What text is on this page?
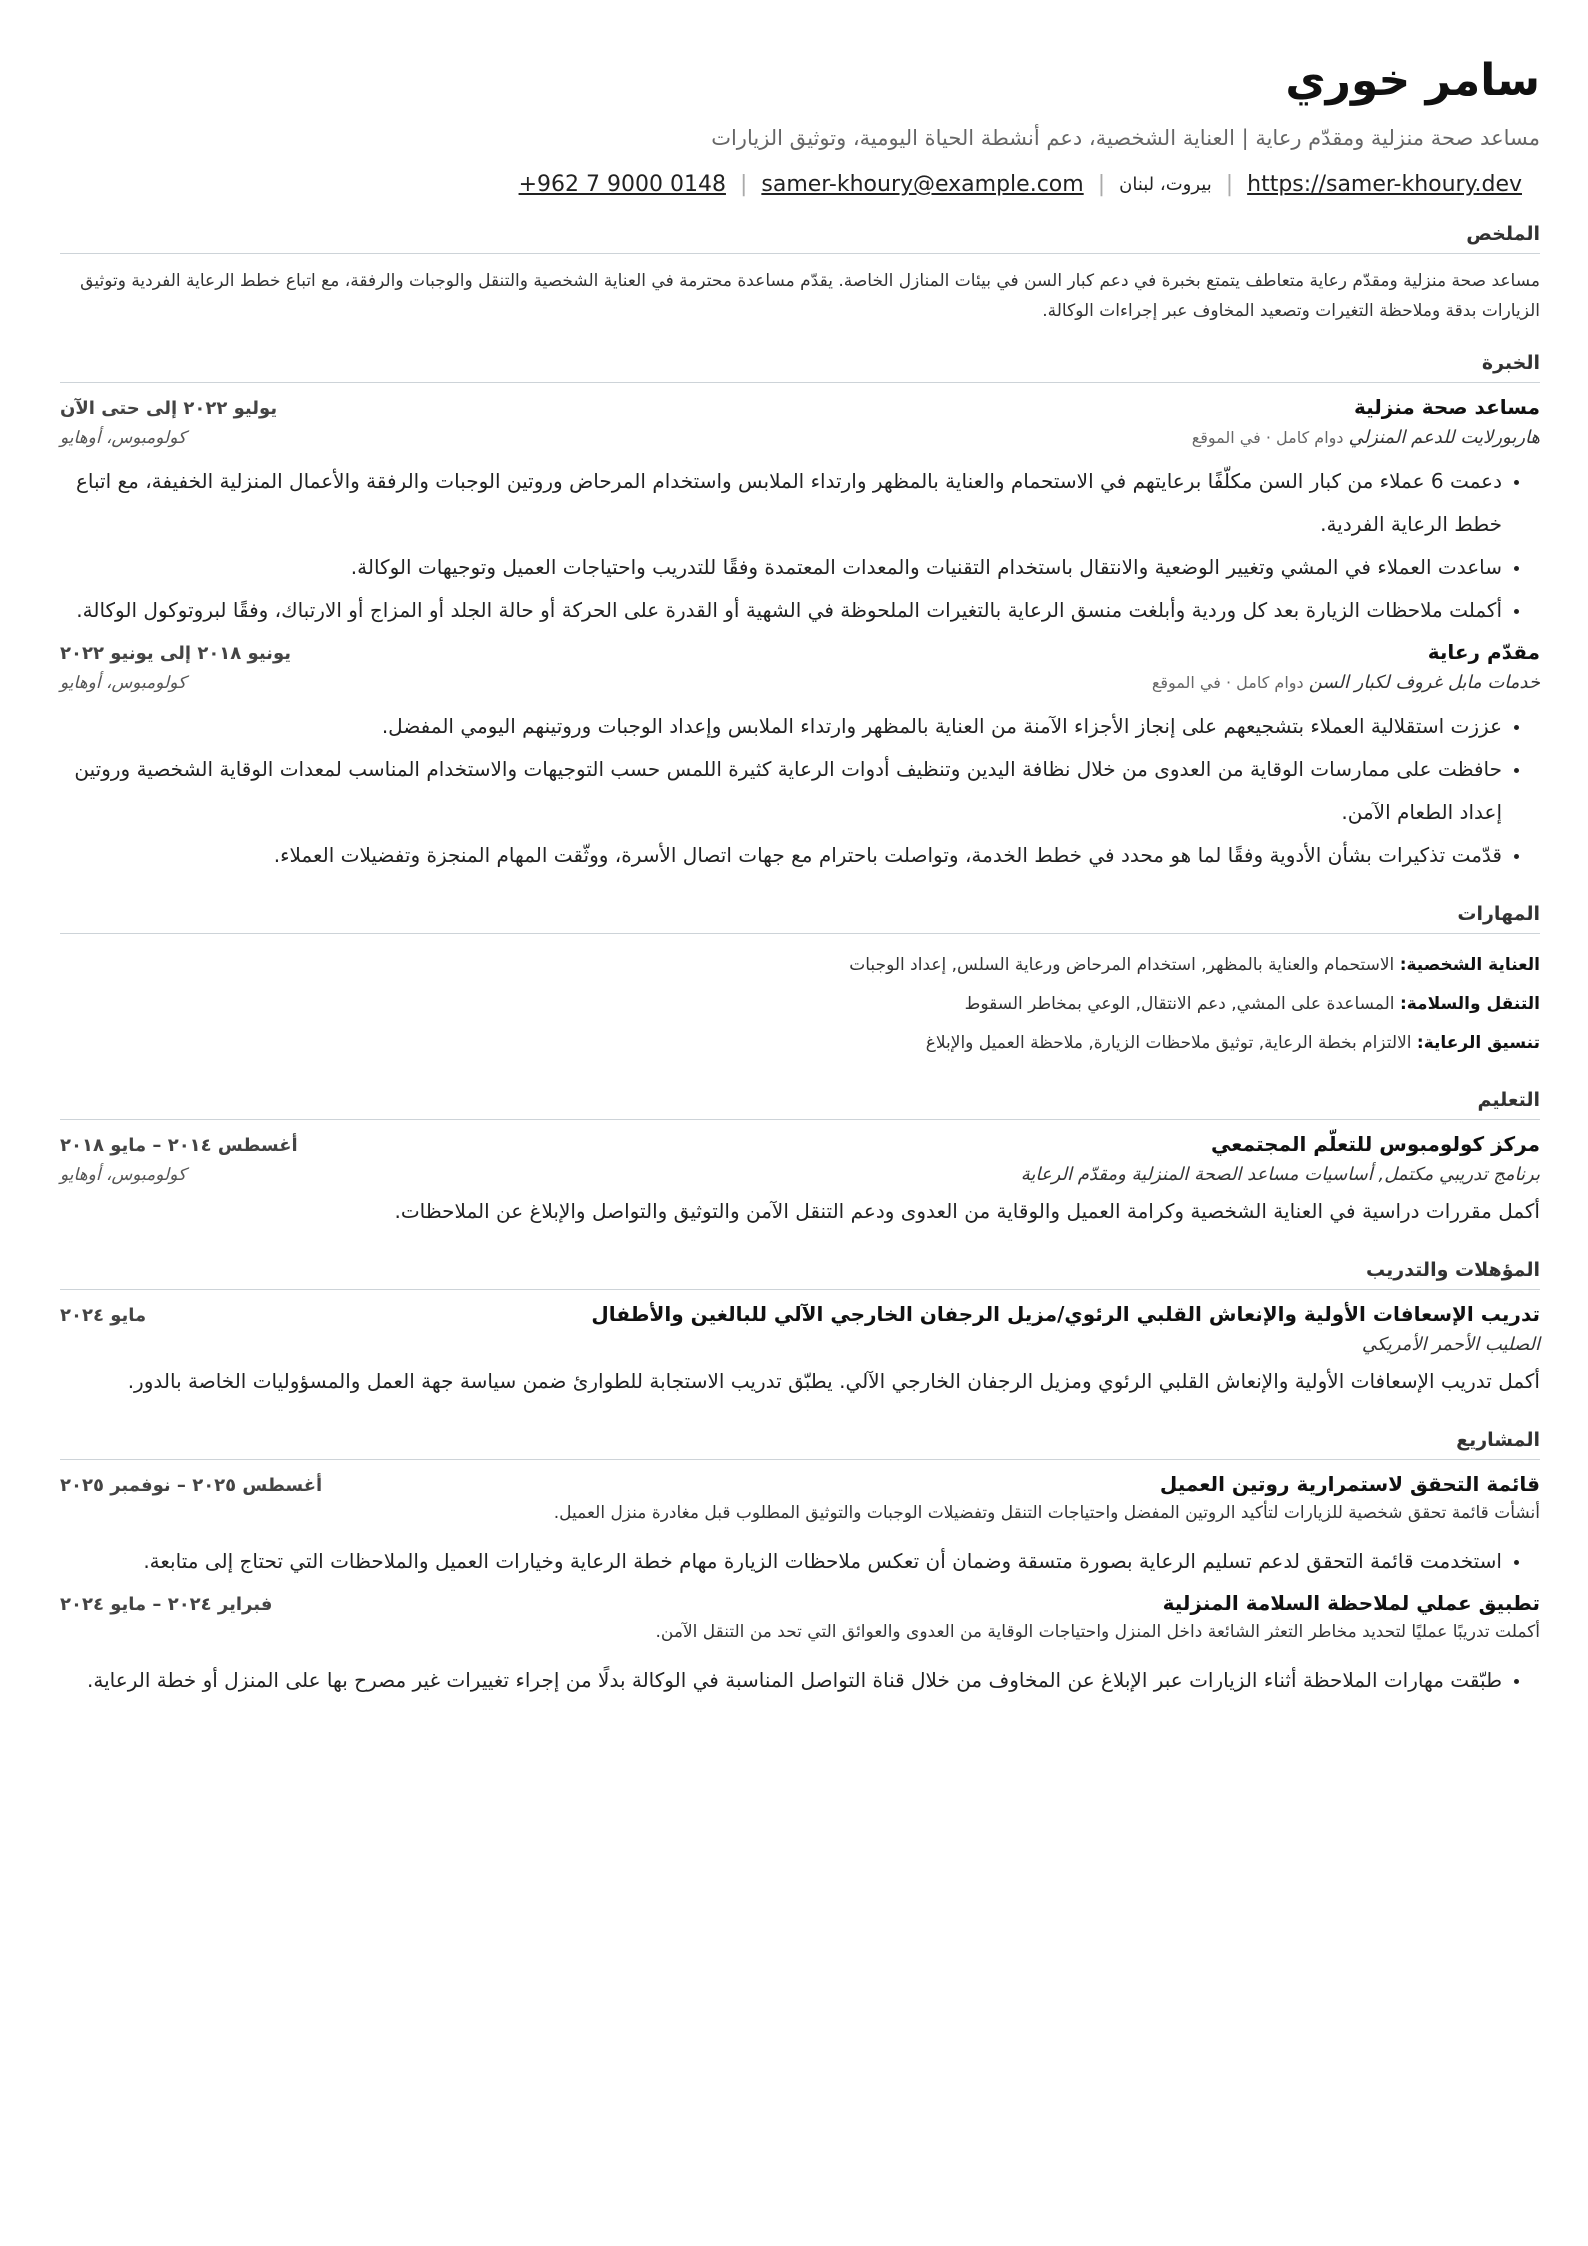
سامر خوري
مساعد صحة منزلية ومقدّم رعاية | العناية الشخصية، دعم أنشطة الحياة اليومية، وتوثيق الزيارات
+962 7 9000 0148 | samer-khoury@example.com | بيروت، لبنان | https://samer-khoury.dev
الملخص
مساعد صحة منزلية ومقدّم رعاية متعاطف يتمتع بخبرة في دعم كبار السن في بيئات المنازل الخاصة. يقدّم مساعدة محترمة في العناية الشخصية والتنقل والوجبات والرفقة، مع اتباع خطط الرعاية الفردية وتوثيق الزيارات بدقة وملاحظة التغيرات وتصعيد المخاوف عبر إجراءات الوكالة.
الخبرة
مساعد صحة منزلية
يوليو ٢٠٢٢ إلى حتى الآن
هاربورلايت للدعم المنزلي دوام كامل · في الموقع
كولومبوس، أوهايو
• دعمت 6 عملاء من كبار السن مكلّفًا برعايتهم في الاستحمام والعناية بالمظهر وارتداء الملابس واستخدام المرحاض وروتين الوجبات والرفقة والأعمال المنزلية الخفيفة، مع اتباع خطط الرعاية الفردية.
• ساعدت العملاء في المشي وتغيير الوضعية والانتقال باستخدام التقنيات والمعدات المعتمدة وفقًا للتدريب واحتياجات العميل وتوجيهات الوكالة.
• أكملت ملاحظات الزيارة بعد كل وردية وأبلغت منسق الرعاية بالتغيرات الملحوظة في الشهية أو القدرة على الحركة أو حالة الجلد أو المزاج أو الارتباك، وفقًا لبروتوكول الوكالة.
مقدّم رعاية
يونيو ٢٠١٨ إلى يونيو ٢٠٢٢
خدمات مابل غروف لكبار السن دوام كامل · في الموقع
كولومبوس، أوهايو
• عززت استقلالية العملاء بتشجيعهم على إنجاز الأجزاء الآمنة من العناية بالمظهر وارتداء الملابس وإعداد الوجبات وروتينهم اليومي المفضل.
• حافظت على ممارسات الوقاية من العدوى من خلال نظافة اليدين وتنظيف أدوات الرعاية كثيرة اللمس حسب التوجيهات والاستخدام المناسب لمعدات الوقاية الشخصية وروتين إعداد الطعام الآمن.
• قدّمت تذكيرات بشأن الأدوية وفقًا لما هو محدد في خطط الخدمة، وتواصلت باحترام مع جهات اتصال الأسرة، ووثّقت المهام المنجزة وتفضيلات العملاء.
المهارات
العناية الشخصية: الاستحمام والعناية بالمظهر, استخدام المرحاض ورعاية السلس, إعداد الوجبات
التنقل والسلامة: المساعدة على المشي, دعم الانتقال, الوعي بمخاطر السقوط
تنسيق الرعاية: الالتزام بخطة الرعاية, توثيق ملاحظات الزيارة, ملاحظة العميل والإبلاغ
التعليم
مركز كولومبوس للتعلّم المجتمعي
أغسطس ٢٠١٤ – مايو ٢٠١٨
برنامج تدريبي مكتمل, أساسيات مساعد الصحة المنزلية ومقدّم الرعاية
كولومبوس، أوهايو
أكمل مقررات دراسية في العناية الشخصية وكرامة العميل والوقاية من العدوى ودعم التنقل الآمن والتوثيق والتواصل والإبلاغ عن الملاحظات.
المؤهلات والتدريب
تدريب الإسعافات الأولية والإنعاش القلبي الرئوي/مزيل الرجفان الخارجي الآلي للبالغين والأطفال
مايو ٢٠٢٤
الصليب الأحمر الأمريكي
أكمل تدريب الإسعافات الأولية والإنعاش القلبي الرئوي ومزيل الرجفان الخارجي الآلي. يطبّق تدريب الاستجابة للطوارئ ضمن سياسة جهة العمل والمسؤوليات الخاصة بالدور.
المشاريع
قائمة التحقق لاستمرارية روتين العميل
أغسطس ٢٠٢٥ – نوفمبر ٢٠٢٥
أنشأت قائمة تحقق شخصية للزيارات لتأكيد الروتين المفضل واحتياجات التنقل وتفضيلات الوجبات والتوثيق المطلوب قبل مغادرة منزل العميل.
• استخدمت قائمة التحقق لدعم تسليم الرعاية بصورة متسقة وضمان أن تعكس ملاحظات الزيارة مهام خطة الرعاية وخيارات العميل والملاحظات التي تحتاج إلى متابعة.
تطبيق عملي لملاحظة السلامة المنزلية
فبراير ٢٠٢٤ – مايو ٢٠٢٤
أكملت تدريبًا عمليًا لتحديد مخاطر التعثر الشائعة داخل المنزل واحتياجات الوقاية من العدوى والعوائق التي تحد من التنقل الآمن.
• طبّقت مهارات الملاحظة أثناء الزيارات عبر الإبلاغ عن المخاوف من خلال قناة التواصل المناسبة في الوكالة بدلًا من إجراء تغييرات غير مصرح بها على المنزل أو خطة الرعاية.
